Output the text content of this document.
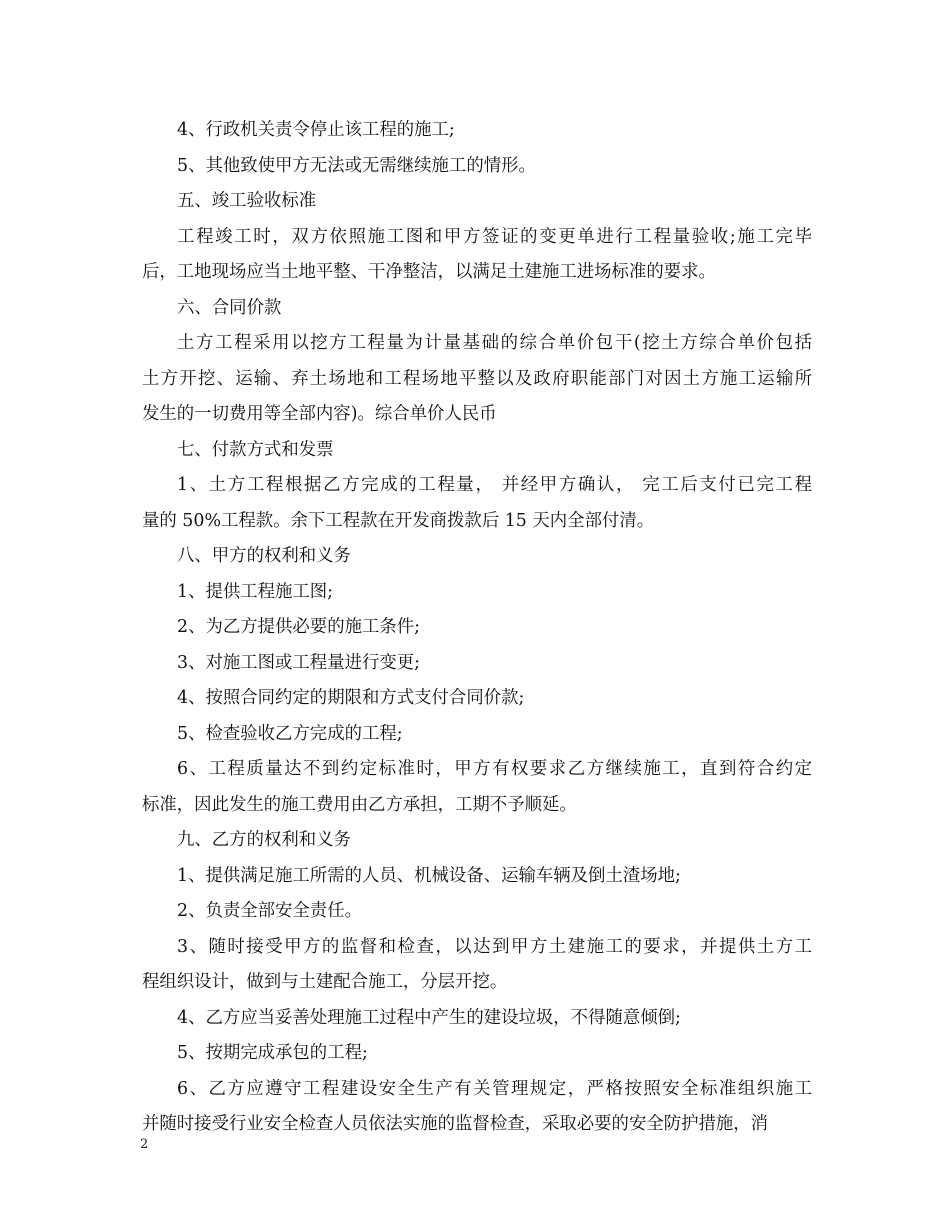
4、行政机关责令停止该工程的施工;
5、其他致使甲方无法或无需继续施工的情形。
五、竣工验收标准
工程竣工时，双方依照施工图和甲方签证的变更单进行工程量验收;施工完毕
后，工地现场应当土地平整、干净整洁，以满足土建施工进场标准的要求。
六、合同价款
土方工程采用以挖方工程量为计量基础的综合单价包干(挖土方综合单价包括
土方开挖、运输、弃土场地和工程场地平整以及政府职能部门对因土方施工运输所
发生的一切费用等全部内容)。综合单价人民币
七、付款方式和发票
1、土方工程根据乙方完成的工程量， 并经甲方确认， 完工后支付已完工程
量的 50%工程款。余下工程款在开发商拨款后 15 天内全部付清。
八、甲方的权利和义务
1、提供工程施工图;
2、为乙方提供必要的施工条件;
3、对施工图或工程量进行变更;
4、按照合同约定的期限和方式支付合同价款;
5、检查验收乙方完成的工程;
6、工程质量达不到约定标准时，甲方有权要求乙方继续施工，直到符合约定
标准，因此发生的施工费用由乙方承担，工期不予顺延。
九、乙方的权利和义务
1、提供满足施工所需的人员、机械设备、运输车辆及倒土渣场地;
2、负责全部安全责任。
3、随时接受甲方的监督和检查，以达到甲方土建施工的要求，并提供土方工
程组织设计，做到与土建配合施工，分层开挖。
4、乙方应当妥善处理施工过程中产生的建设垃圾，不得随意倾倒;
5、按期完成承包的工程;
6、乙方应遵守工程建设安全生产有关管理规定，严格按照安全标准组织施工
并随时接受行业安全检查人员依法实施的监督检查，采取必要的安全防护措施，消
2
